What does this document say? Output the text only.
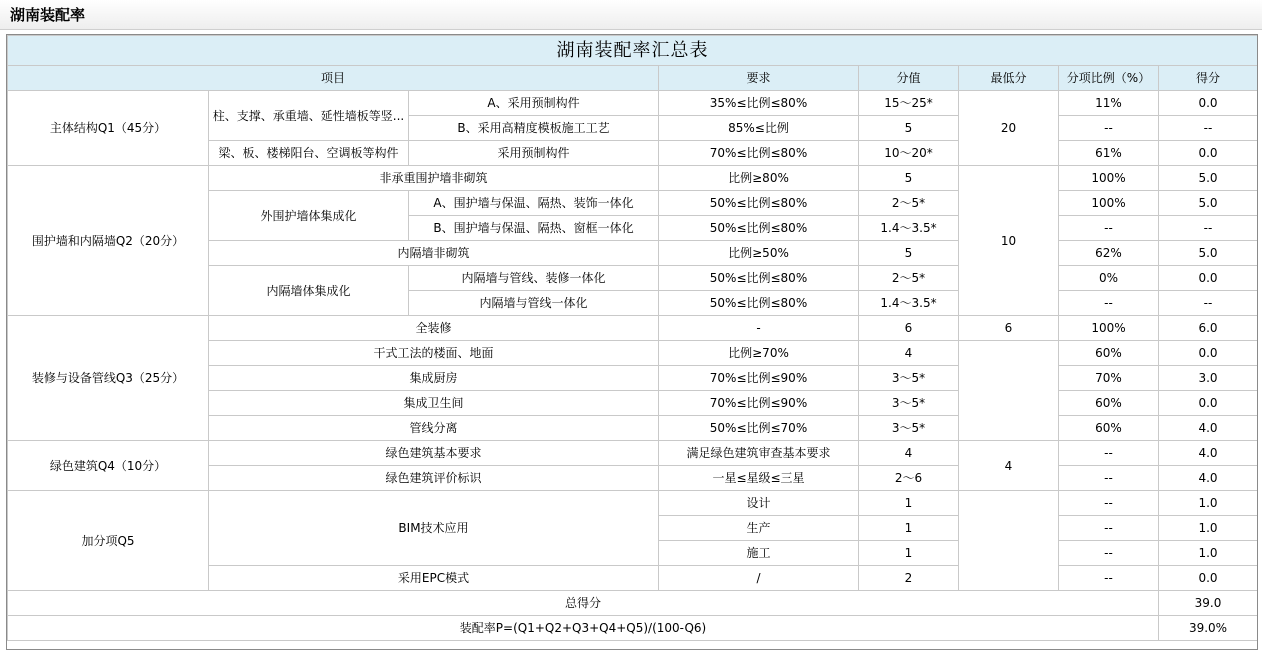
湖南装配率
湖南装配率汇总表							
项目			要求	分值	最低分	分项比例（%）	得分
主体结构Q1（45分）	柱、支撑、承重墙、延性墙板等竖...	A、采用预制构件	35%≤比例≤80%	15～25*	20	11%	0.0
		B、采用高精度模板施工工艺	85%≤比例	5		--	--
	梁、板、楼梯阳台、空调板等构件	采用预制构件	70%≤比例≤80%	10～20*		61%	0.0
围护墙和内隔墙Q2（20分）	非承重围护墙非砌筑		比例≥80%	5	10	100%	5.0
	外围护墙体集成化	A、围护墙与保温、隔热、装饰一体化	50%≤比例≤80%	2～5*		100%	5.0
		B、围护墙与保温、隔热、窗框一体化	50%≤比例≤80%	1.4～3.5*		--	--
	内隔墙非砌筑		比例≥50%	5		62%	5.0
	内隔墙体集成化	内隔墙与管线、装修一体化	50%≤比例≤80%	2～5*		0%	0.0
		内隔墙与管线一体化	50%≤比例≤80%	1.4～3.5*		--	--
装修与设备管线Q3（25分）	全装修		-	6	6	100%	6.0
	干式工法的楼面、地面		比例≥70%	4		60%	0.0
	集成厨房		70%≤比例≤90%	3～5*		70%	3.0
	集成卫生间		70%≤比例≤90%	3～5*		60%	0.0
	管线分离		50%≤比例≤70%	3～5*		60%	4.0
绿色建筑Q4（10分）	绿色建筑基本要求		满足绿色建筑审查基本要求	4	4	--	4.0
	绿色建筑评价标识		一星≤星级≤三星	2～6		--	4.0
加分项Q5	BIM技术应用		设计	1		--	1.0
			生产	1		--	1.0
			施工	1		--	1.0
	采用EPC模式		/	2		--	0.0
总得分							39.0
装配率P=(Q1+Q2+Q3+Q4+Q5)/(100-Q6)							39.0%
